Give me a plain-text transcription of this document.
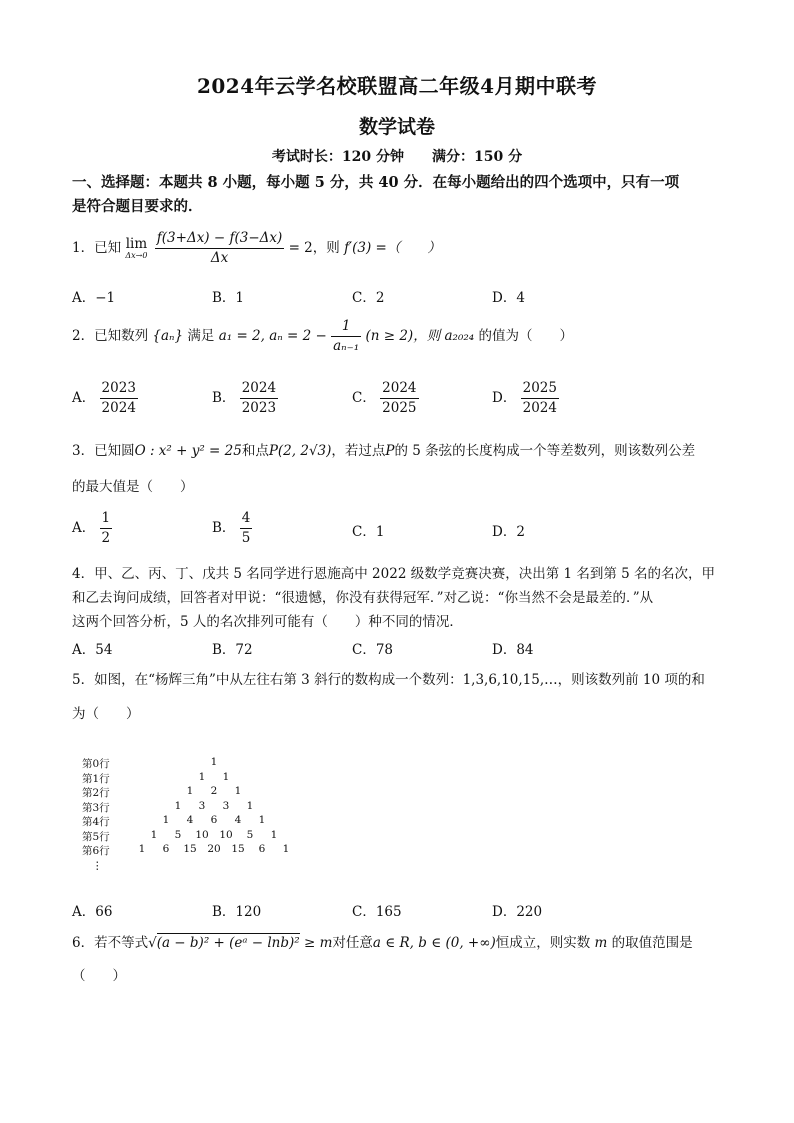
2024年云学名校联盟高二年级4月期中联考
数学试卷
考试时长：120 分钟　　满分：150 分
一、选择题：本题共 8 小题，每小题 5 分，共 40 分．在每小题给出的四个选项中，只有一项
是符合题目要求的．
1．已知 lim
Δx→0
$\frac{f(3+\Delta x) - f(3-\Delta x)}{\Delta x} = 2$，则 f′(3) =（　　）
A．−1	B．1	C．2	D．4
2．已知数列 {aₙ} 满足 a₁ = 2, $a_n = 2 - \frac{1}{\text{aₙ₋₁}} (n \ge 2)$，则 a₂₀₂₄ 的值为（　　）
A． $\frac{2023}{2024}$	B． $\frac{2024}{2023}$	C． $\frac{2024}{2025}$	D． $\frac{2025}{2024}$
3．已知圆O : x² + y² = 25和点P(2, 2√3)，若过点P的 5 条弦的长度构成一个等差数列，则该数列公差
的最大值是（　　）
A． $\frac{1}{2}$	B． $\frac{4}{5}$	C．1	D．2
4．甲、乙、丙、丁、戊共 5 名同学进行恩施高中 2022 级数学竞赛决赛，决出第 1 名到第 5 名的名次，甲
和乙去询问成绩，回答者对甲说：“很遗憾，你没有获得冠军．”对乙说：“你当然不会是最差的．”从
这两个回答分析，5 人的名次排列可能有（　　）种不同的情况．
A．54	B．72	C．78	D．84
5．如图，在“杨辉三角”中从左往右第 3 斜行的数构成一个数列：1,3,6,10,15,…，则该数列前 10 项的和
为（　　）
第0行	1
第1行	1 1
第2行	1 2 1
第3行	1 3 3 1
第4行	1 4 6 4 1
第5行	1 5 10 10 5 1
第6行	1 6 15 20 15 6 1
⋮
A．66	B．120	C．165	D．220
6．若不等式√(a − b)² + (eᵃ − lnb)² ≥ m对任意a ∈ R, b ∈ (0, +∞)恒成立，则实数 m 的取值范围是
（　　）
